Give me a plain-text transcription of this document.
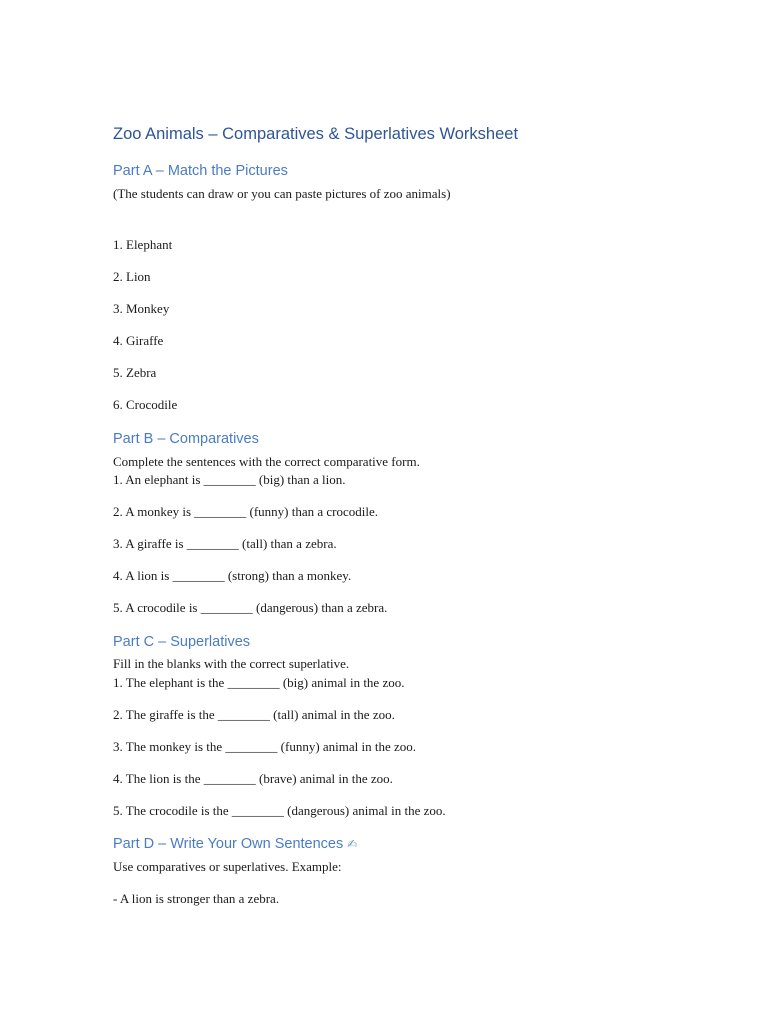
Zoo Animals – Comparatives & Superlatives Worksheet
Part A – Match the Pictures
(The students can draw or you can paste pictures of zoo animals)
1. Elephant
2. Lion
3. Monkey
4. Giraffe
5. Zebra
6. Crocodile
Part B – Comparatives
Complete the sentences with the correct comparative form.
1. An elephant is ________ (big) than a lion.
2. A monkey is ________ (funny) than a crocodile.
3. A giraffe is ________ (tall) than a zebra.
4. A lion is ________ (strong) than a monkey.
5. A crocodile is ________ (dangerous) than a zebra.
Part C – Superlatives
Fill in the blanks with the correct superlative.
1. The elephant is the ________ (big) animal in the zoo.
2. The giraffe is the ________ (tall) animal in the zoo.
3. The monkey is the ________ (funny) animal in the zoo.
4. The lion is the ________ (brave) animal in the zoo.
5. The crocodile is the ________ (dangerous) animal in the zoo.
Part D – Write Your Own Sentences ✍
Use comparatives or superlatives. Example:
- A lion is stronger than a zebra.
